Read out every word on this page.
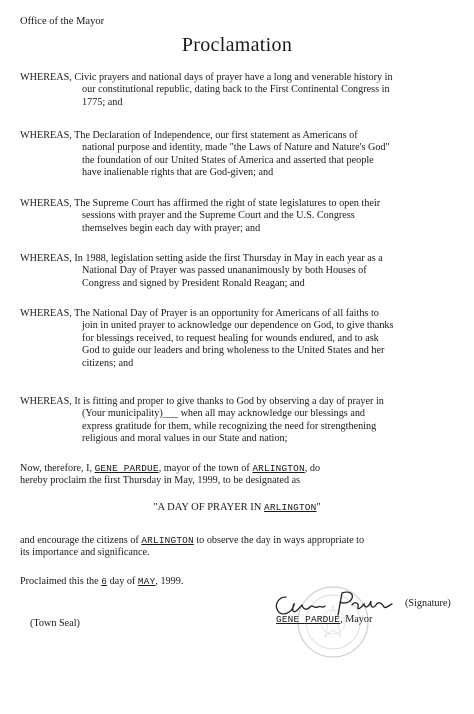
Office of the Mayor
Proclamation
WHEREAS, Civic prayers and national days of prayer have a long and venerable history in
our constitutional republic, dating back to the First Continental Congress in
1775; and
WHEREAS, The Declaration of Independence, our first statement as Americans of
national purpose and identity, made "the Laws of Nature and Nature's God"
the foundation of our United States of America and asserted that people
have inalienable rights that are God-given; and
WHEREAS, The Supreme Court has affirmed the right of state legislatures to open their
sessions with prayer and the Supreme Court and the U.S. Congress
themselves begin each day with prayer; and
WHEREAS, In 1988, legislation setting aside the first Thursday in May in each year as a
National Day of Prayer was passed unananimously by both Houses of
Congress and signed by President Ronald Reagan; and
WHEREAS, The National Day of Prayer is an opportunity for Americans of all faiths to
join in united prayer to acknowledge our dependence on God, to give thanks
for blessings received, to request healing for wounds endured, and to ask
God to guide our leaders and bring wholeness to the United States and her
citizens; and
WHEREAS, It is fitting and proper to give thanks to God by observing a day of prayer in
(Your municipality)___ when all may acknowledge our blessings and
express gratitude for them, while recognizing the need for strengthening
religious and moral values in our State and nation;
Now, therefore, I, GENE PARDUE, mayor of the town of ARLINGTON, do
hereby proclaim the first Thursday in May, 1999, to be designated as
"A DAY OF PRAYER IN ARLINGTON"
and encourage the citizens of ARLINGTON to observe the day in ways appropriate to
its importance and significance.
Proclaimed this the 6 day of MAY, 1999.
(Town Seal)
(Signature)
GENE PARDUE, Mayor
